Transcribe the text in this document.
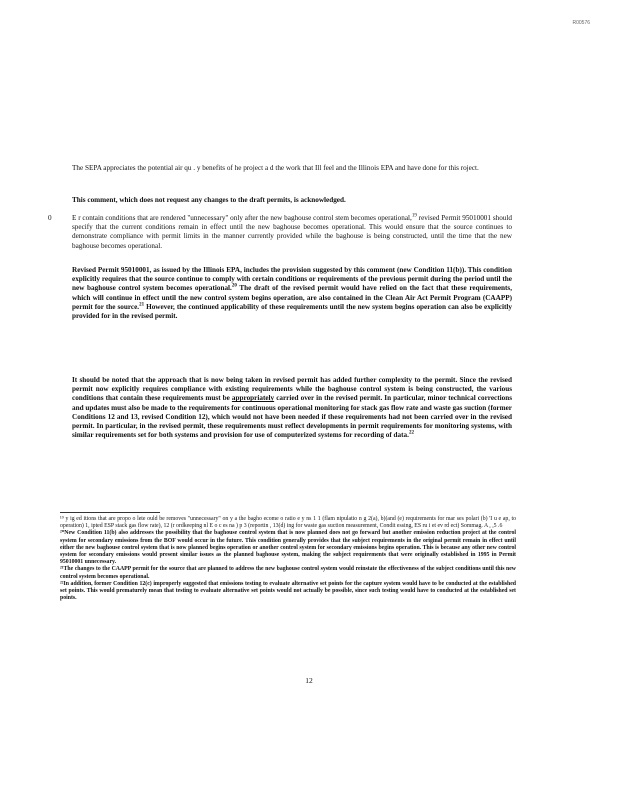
R00576

The SEPA appreciates the potential air qu . y benefits of he project a d the work that Ill feel and the Illinois EPA and have done for this roject.

This comment, which does not request any changes to the draft permits, is acknowledged.

0	E r contain conditions that are rendered "unnecessary" only after the new baghouse control stem becomes operational,$^{19}$ revised Permit 95010001 should specify that the current conditions remain in effect until the new baghouse becomes operational. This would ensure that the source continues to demonstrate compliance with permit limits in the manner currently provided while the baghouse is being constructed, until the time that the new baghouse becomes operational.

Revised Permit 95010001, as issued by the Illinois EPA, includes the provision suggested by this comment (new Condition 11(b)). This condition explicitly requires that the source continue to comply with certain conditions or requirements of the previous permit during the period until the new baghouse control system becomes operational.$^{20}$ The draft of the revised permit would have relied on the fact that these requirements, which will continue in effect until the new control system begins operation, are also contained in the Clean Air Act Permit Program (CAAPP) permit for the source.$^{21}$ However, the continued applicability of these requirements until the new system begins operation can also be explicitly provided for in the revised permit.

It should be noted that the approach that is now being taken in revised permit has added further complexity to the permit. Since the revised permit now explicitly requires compliance with existing requirements while the baghouse control system is being constructed, the various conditions that contain these requirements must be appropriately carried over in the revised permit. In particular, minor technical corrections and updates must also be made to the requirements for continuous operational monitoring for stack gas flow rate and waste gas suction (former Conditions 12 and 13, revised Condition 12), which would not have been needed if these requirements had not been carried over in the revised permit. In particular, in the revised permit, these requirements must reflect developments in permit requirements for monitoring systems, with similar requirements set for both systems and provision for use of computerized systems for recording of data.$^{22}$

¹⁹ y ig ed itions that are propo o lete ould be removes "unnecessary" on y a the bagho ecome o ratio e y ns 1 1 (flam nipulatio n g 2(a), b)(and (e) requirements for mar ses polari (b) 'I u e ap, to operation) 1, ipted ESP stack gas flow rate), 12 (r ordkeeping nl E o c es na ) p 3 (reportin , 13(d) ing for waste gas suction measurement, Condit essing, ES ru i et ev rd ect) Sommag. A , ,5 .6

²⁰New Condition 11(b) also addresses the possibility that the baghouse control system that is now planned does not go forward but another emission reduction project at the control system for secondary emissions from the BOF would occur in the future. This condition generally provides that the subject requirements in the original permit remain in effect until either the new baghouse control system that is now planned begins operation or another control system for secondary emissions begins operation. This is because any other new control system for secondary emissions would present similar issues as the planned baghouse system, making the subject requirements that were originally established in 1995 in Permit 95010001 unnecessary.

²¹The changes to the CAAPP permit for the source that are planned to address the new baghouse control system would reinstate the effectiveness of the subject conditions until this new control system becomes operational.

²²In addition, former Condition 12(c) improperly suggested that emissions testing to evaluate alternative set points for the capture system would have to be conducted at the established set points. This would prematurely mean that testing to evaluate alternative set points would not actually be possible, since such testing would have to conducted at the established set points.

12
